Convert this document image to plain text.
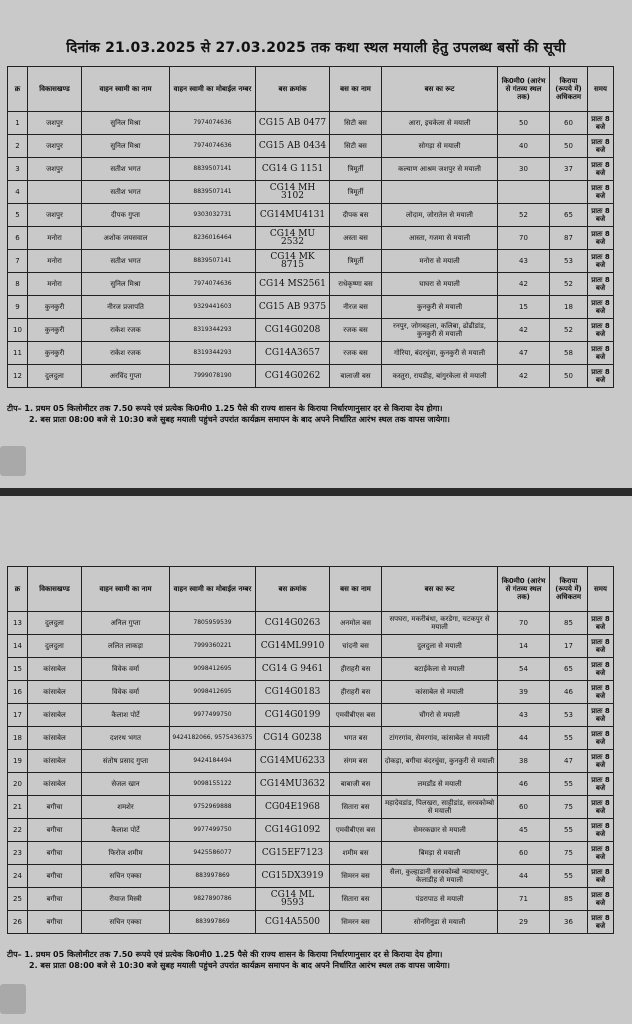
दिनांक 21.03.2025 से 27.03.2025 तक कथा स्थल मयाली हेतु उपलब्ध बसों की सूची
क्र	विकासखण्ड	वाहन स्वामी का नाम	वाहन स्वामी का मोबाईल नम्बर	बस क्रमांक	बस का नाम	बस का रूट	कि0मी0 (आरंभ से गंतव्य स्थल तक)	किराया (रूपये में) अधिकतम	समय
1	जशपुर	सुनिल मिश्रा	7974074636	CG15 AB 0477	सिटी बस	आरा, इचकेला से मयाली	50	60	प्रातः 8 बजे
2	जशपुर	सुनिल मिश्रा	7974074636	CG15 AB 0434	सिटी बस	सोगड़ा से मयाली	40	50	प्रातः 8 बजे
3	जशपुर	सतीश भगत	8839507141	CG14 G 1151	त्रिमूर्ती	कल्याण आश्रम जशपुर से मयाली	30	37	प्रातः 8 बजे
4		सतीश भगत	8839507141	CG14 MH 3102	त्रिमूर्ती				प्रातः 8 बजे
5	जशपुर	दीपक गुप्ता	9303032731	CG14MU4131	दीपक बस	लोदाम, जोरातेल से मयाली	52	65	प्रातः 8 बजे
6	मनोरा	अशोक जयसवाल	8236016464	CG14 MU 2532	अस्ता बस	आस्ता, गजमा से मयाली	70	87	प्रातः 8 बजे
7	मनोरा	सतीश भगत	8839507141	CG14 MK 8715	त्रिमूर्ती	मनोरा से मयाली	43	53	प्रातः 8 बजे
8	मनोरा	सुनिल मिश्रा	7974074636	CG14 MS2561	राधेकृष्णा बस	घाघरा से मयाली	42	52	प्रातः 8 बजे
9	कुनकुरी	नीरज प्रजापति	9329441603	CG15 AB 9375	नीरज बस	कुनकुरी से मयाली	15	18	प्रातः 8 बजे
10	कुनकुरी	राकेश रजक	8319344293	CG14G0208	रजक बस	रनपुर, जोगबहला, कलिबा, ढोढीडांड, कुनकुरी से मयाली	42	52	प्रातः 8 बजे
11	कुनकुरी	राकेश रजक	8319344293	CG14A3657	रजक बस	गोरिया, बंदरचुंवा, कुनकुरी से मयाली	47	58	प्रातः 8 बजे
12	दुलदुला	अरविंद गुप्ता	7999078190	CG14G0262	बालाजी बस	कस्तुरा, रायडीह, बांगुरकेला से मयाली	42	50	प्रातः 8 बजे
टीप– 1. प्रथम 05 किलोमीटर तक 7.50 रूपये एवं प्रत्येक कि0मी0 1.25 पैसे की राज्य शासन के किराया निर्धारणानुसार दर से किराया देय होगा।
2. बस प्रातः 08:00 बजे से 10:30 बजे सुबह मयाली पहुंचने उपरांत कार्यक्रम समापन के बाद अपने निर्धारित आरंभ स्थल तक वापस जायेगा।
क्र	विकासखण्ड	वाहन स्वामी का नाम	वाहन स्वामी का मोबाईल नम्बर	बस क्रमांक	बस का नाम	बस का रूट	कि0मी0 (आरंभ से गंतव्य स्थल तक)	किराया (रूपये में) अधिकतम	समय
13	दुलदुला	अनिल गुप्ता	7805959539	CG14G0263	अनमोल बस	सपघरा, मकरीबंधा, करडेगा, चटकपुर से मयाली	70	85	प्रातः 8 बजे
14	दुलदुला	ललित लाकड़ा	7999360221	CG14ML9910	चांदनी बस	दुलदुला से मयाली	14	17	प्रातः 8 बजे
15	कांसाबेल	विवेक वर्मा	9098412695	CG14 G 9461	हीराहरी बस	बटाईकेला से मयाली	54	65	प्रातः 8 बजे
16	कांसाबेल	विवेक वर्मा	9098412695	CG14G0183	हीराहरी बस	कांसाबेल से मयाली	39	46	प्रातः 8 बजे
17	कांसाबेल	कैलाश पोर्टे	9977499750	CG14G0199	एमवीबीएस बस	चौंगरो से मयाली	43	53	प्रातः 8 बजे
18	कांसाबेल	दशरथ भगत	9424182066, 9575436375	CG14 G0238	भगत बस	टांगरगांव, सेमरगांव, कांसाबेल से मयाली	44	55	प्रातः 8 बजे
19	कांसाबेल	संतोष प्रसाद गुप्ता	9424184494	CG14MU6233	संगम बस	दोकड़ा, बगीचा बंदरचुंवा, कुनकुरी से मयाली	38	47	प्रातः 8 बजे
20	कांसाबेल	सेजल खान	9098155122	CG14MU3632	बाबाजी बस	लमडाँड से मयाली	46	55	प्रातः 8 बजे
21	बगीचा	शमशेर	9752969888	CG04E1968	सितारा बस	महादेवडांड, पिलखरा, साहीडांड, सरवकोम्बो से मयाली	60	75	प्रातः 8 बजे
22	बगीचा	कैलाश पोर्टे	9977499750	CG14G1092	एमवीबीएस बस	सेमरकछार से मयाली	45	55	प्रातः 8 बजे
23	बगीचा	फिरोज शमीम	9425586077	CG15EF7123	शमीम बस	बिमड़ा से मयाली	60	75	प्रातः 8 बजे
24	बगीचा	सचिन एक्का	883997869	CG15DX3919	सिमरन बस	सैला, कुल्हाडानी सरवकोम्बो न्यायाधपुर, केलाडीह से मयाली	44	55	प्रातः 8 बजे
25	बगीचा	रीयाज मिस्त्री	9827890786	CG14 ML 9593	सितारा बस	पंडरापाठ से मयाली	71	85	प्रातः 8 बजे
26	बगीचा	सचिन एक्का	883997869	CG14A5500	सिमरन बस	सोनगिनुडा से मयाली	29	36	प्रातः 8 बजे
टीप– 1. प्रथम 05 किलोमीटर तक 7.50 रूपये एवं प्रत्येक कि0मी0 1.25 पैसे की राज्य शासन के किराया निर्धारणानुसार दर से किराया देय होगा।
2. बस प्रातः 08:00 बजे से 10:30 बजे सुबह मयाली पहुंचने उपरांत कार्यक्रम समापन के बाद अपने निर्धारित आरंभ स्थल तक वापस जायेगा।
